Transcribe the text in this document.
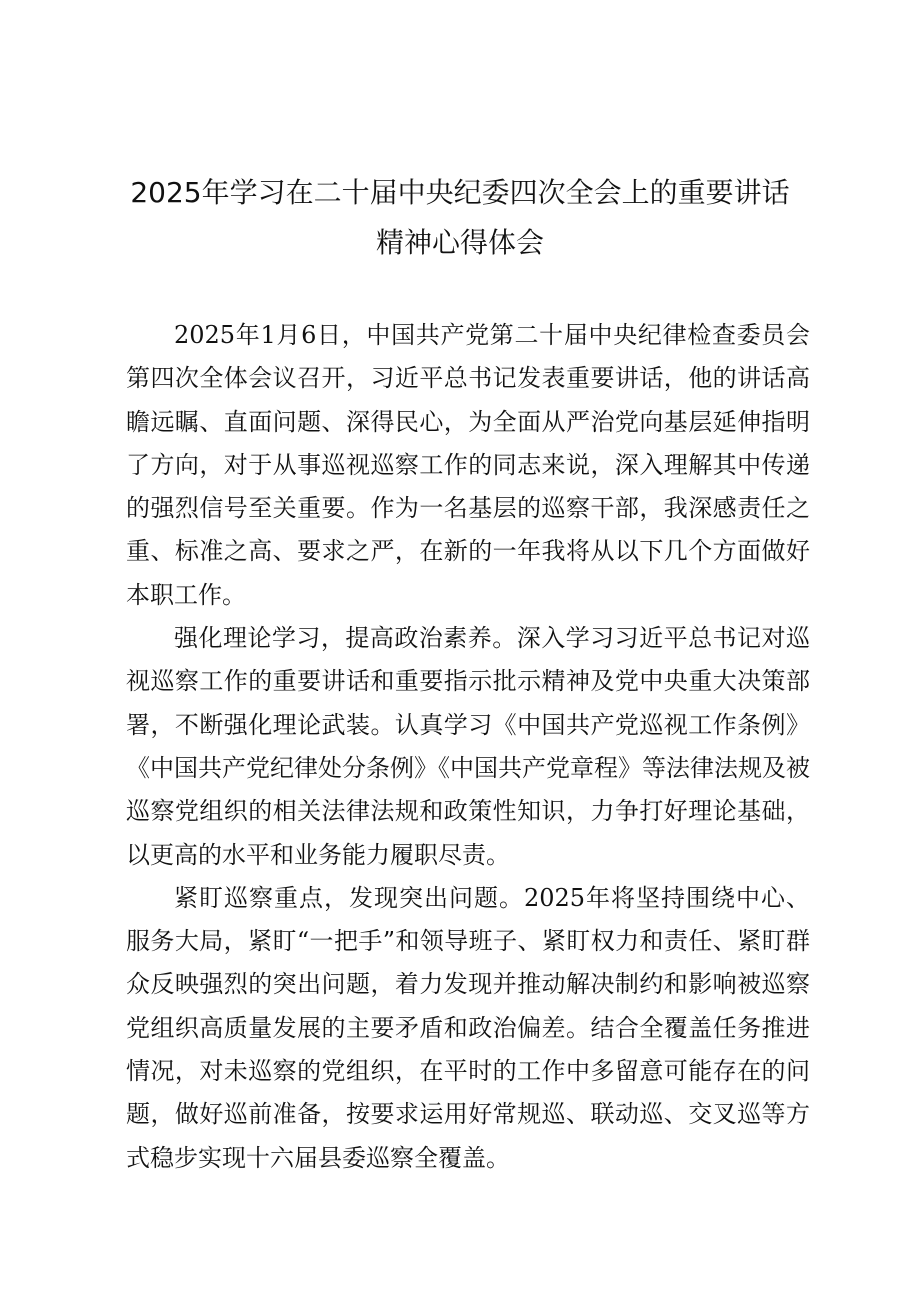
2025年学习在二十届中央纪委四次全会上的重要讲话精神心得体会

2025年1月6日，中国共产党第二十届中央纪律检查委员会第四次全体会议召开，习近平总书记发表重要讲话，他的讲话高瞻远瞩、直面问题、深得民心，为全面从严治党向基层延伸指明了方向，对于从事巡视巡察工作的同志来说，深入理解其中传递的强烈信号至关重要。作为一名基层的巡察干部，我深感责任之重、标准之高、要求之严，在新的一年我将从以下几个方面做好本职工作。

强化理论学习，提高政治素养。深入学习习近平总书记对巡视巡察工作的重要讲话和重要指示批示精神及党中央重大决策部署，不断强化理论武装。认真学习《中国共产党巡视工作条例》《中国共产党纪律处分条例》《中国共产党章程》等法律法规及被巡察党组织的相关法律法规和政策性知识，力争打好理论基础，以更高的水平和业务能力履职尽责。

紧盯巡察重点，发现突出问题。2025年将坚持围绕中心、服务大局，紧盯“一把手”和领导班子、紧盯权力和责任、紧盯群众反映强烈的突出问题，着力发现并推动解决制约和影响被巡察党组织高质量发展的主要矛盾和政治偏差。结合全覆盖任务推进情况，对未巡察的党组织，在平时的工作中多留意可能存在的问题，做好巡前准备，按要求运用好常规巡、联动巡、交叉巡等方式稳步实现十六届县委巡察全覆盖。
